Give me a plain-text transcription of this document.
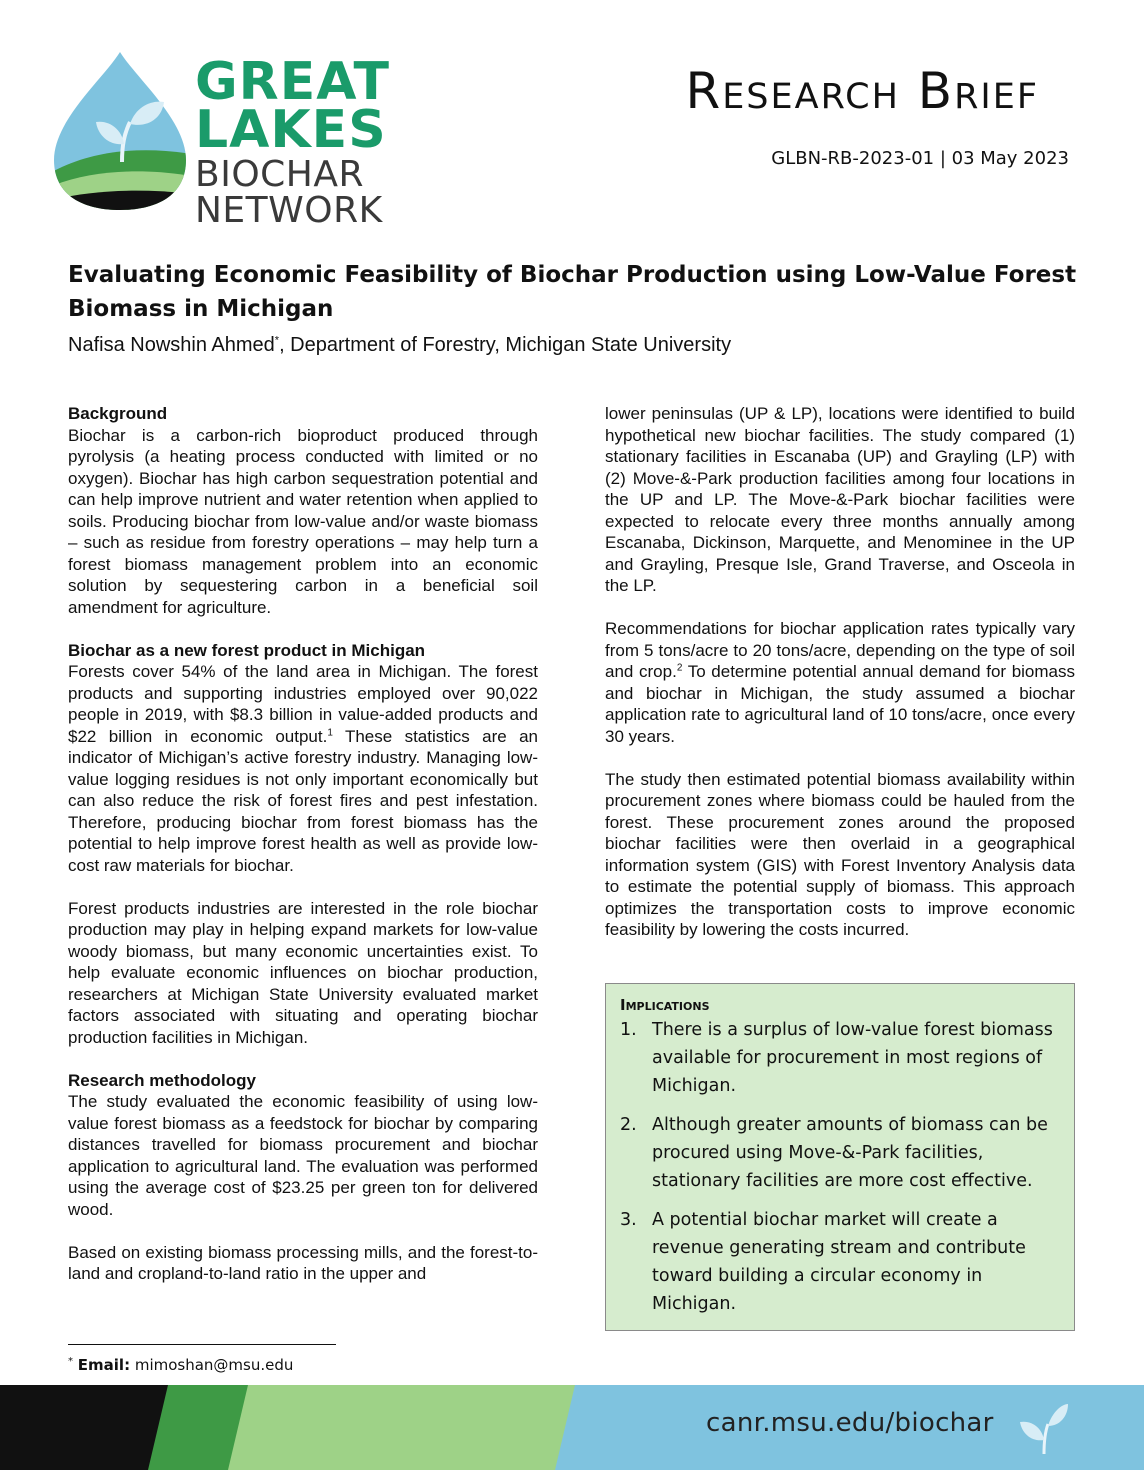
GREAT
LAKES
BIOCHAR
NETWORK
Research Brief
GLBN-RB-2023-01 | 03 May 2023
Evaluating Economic Feasibility of Biochar Production using Low-Value Forest Biomass in Michigan
Nafisa Nowshin Ahmed*, Department of Forestry, Michigan State University
Background

Biochar is a carbon-rich bioproduct produced through pyrolysis (a heating process conducted with limited or no oxygen). Biochar has high carbon sequestration potential and can help improve nutrient and water retention when applied to soils. Producing biochar from low-value and/or waste biomass – such as residue from forestry operations – may help turn a forest biomass management problem into an economic solution by sequestering carbon in a beneficial soil amendment for agriculture.

Biochar as a new forest product in Michigan

Forests cover 54% of the land area in Michigan. The forest products and supporting industries employed over 90,022 people in 2019, with $8.3 billion in value-added products and $22 billion in economic output.$^1$ These statistics are an indicator of Michigan’s active forestry industry. Managing low-value logging residues is not only important economically but can also reduce the risk of forest fires and pest infestation. Therefore, producing biochar from forest biomass has the potential to help improve forest health as well as provide low-cost raw materials for biochar.

Forest products industries are interested in the role biochar production may play in helping expand markets for low-value woody biomass, but many economic uncertainties exist. To help evaluate economic influences on biochar production, researchers at Michigan State University evaluated market factors associated with situating and operating biochar production facilities in Michigan.

Research methodology

The study evaluated the economic feasibility of using low-value forest biomass as a feedstock for biochar by comparing distances travelled for biomass procurement and biochar application to agricultural land. The evaluation was performed using the average cost of $23.25 per green ton for delivered wood.

Based on existing biomass processing mills, and the forest-to-land and cropland-to-land ratio in the upper and

lower peninsulas (UP & LP), locations were identified to build hypothetical new biochar facilities. The study compared (1) stationary facilities in Escanaba (UP) and Grayling (LP) with (2) Move-&-Park production facilities among four locations in the UP and LP. The Move-&-Park biochar facilities were expected to relocate every three months annually among Escanaba, Dickinson, Marquette, and Menominee in the UP and Grayling, Presque Isle, Grand Traverse, and Osceola in the LP.

Recommendations for biochar application rates typically vary from 5 tons/acre to 20 tons/acre, depending on the type of soil and crop.$^2$ To determine potential annual demand for biomass and biochar in Michigan, the study assumed a biochar application rate to agricultural land of 10 tons/acre, once every 30 years.

The study then estimated potential biomass availability within procurement zones where biomass could be hauled from the forest. These procurement zones around the proposed biochar facilities were then overlaid in a geographical information system (GIS) with Forest Inventory Analysis data to estimate the potential supply of biomass. This approach optimizes the transportation costs to improve economic feasibility by lowering the costs incurred.

Implications
1. There is a surplus of low-value forest biomass available for procurement in most regions of Michigan.
2. Although greater amounts of biomass can be procured using Move-&-Park facilities, stationary facilities are more cost effective.
3. A potential biochar market will create a revenue generating stream and contribute toward building a circular economy in Michigan.
* Email: mimoshan@msu.edu
canr.msu.edu/biochar
